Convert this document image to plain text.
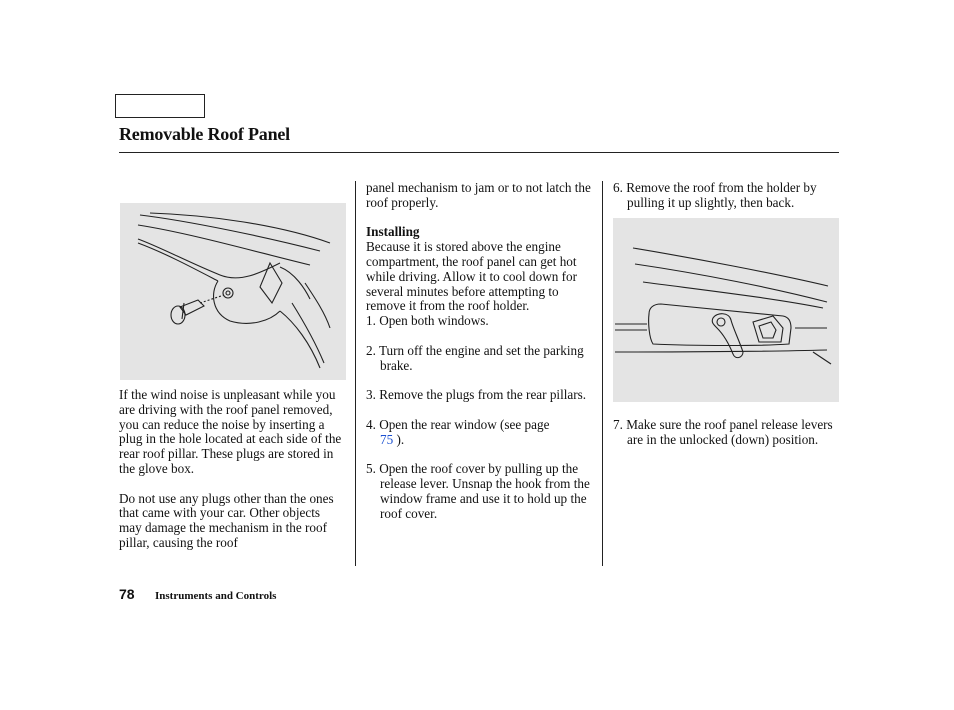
Removable Roof Panel

If the wind noise is unpleasant while you are driving with the roof panel removed, you can reduce the noise by inserting a plug in the hole located at each side of the rear roof pillar. These plugs are stored in the glove box.

Do not use any plugs other than the ones that came with your car. Other objects may damage the mechanism in the roof pillar, causing the roof

panel mechanism to jam or to not latch the roof properly.

Installing

Because it is stored above the engine compartment, the roof panel can get hot while driving. Allow it to cool down for several minutes before attempting to remove it from the roof holder.

1. Open both windows.

2. Turn off the engine and set the parking brake.

3. Remove the plugs from the rear pillars.

4. Open the rear window (see page
75 ).

5. Open the roof cover by pulling up the release lever. Unsnap the hook from the window frame and use it to hold up the roof cover.

6. Remove the roof from the holder by pulling it up slightly, then back.

7. Make sure the roof panel release levers are in the unlocked (down) position.

78 Instruments and Controls
